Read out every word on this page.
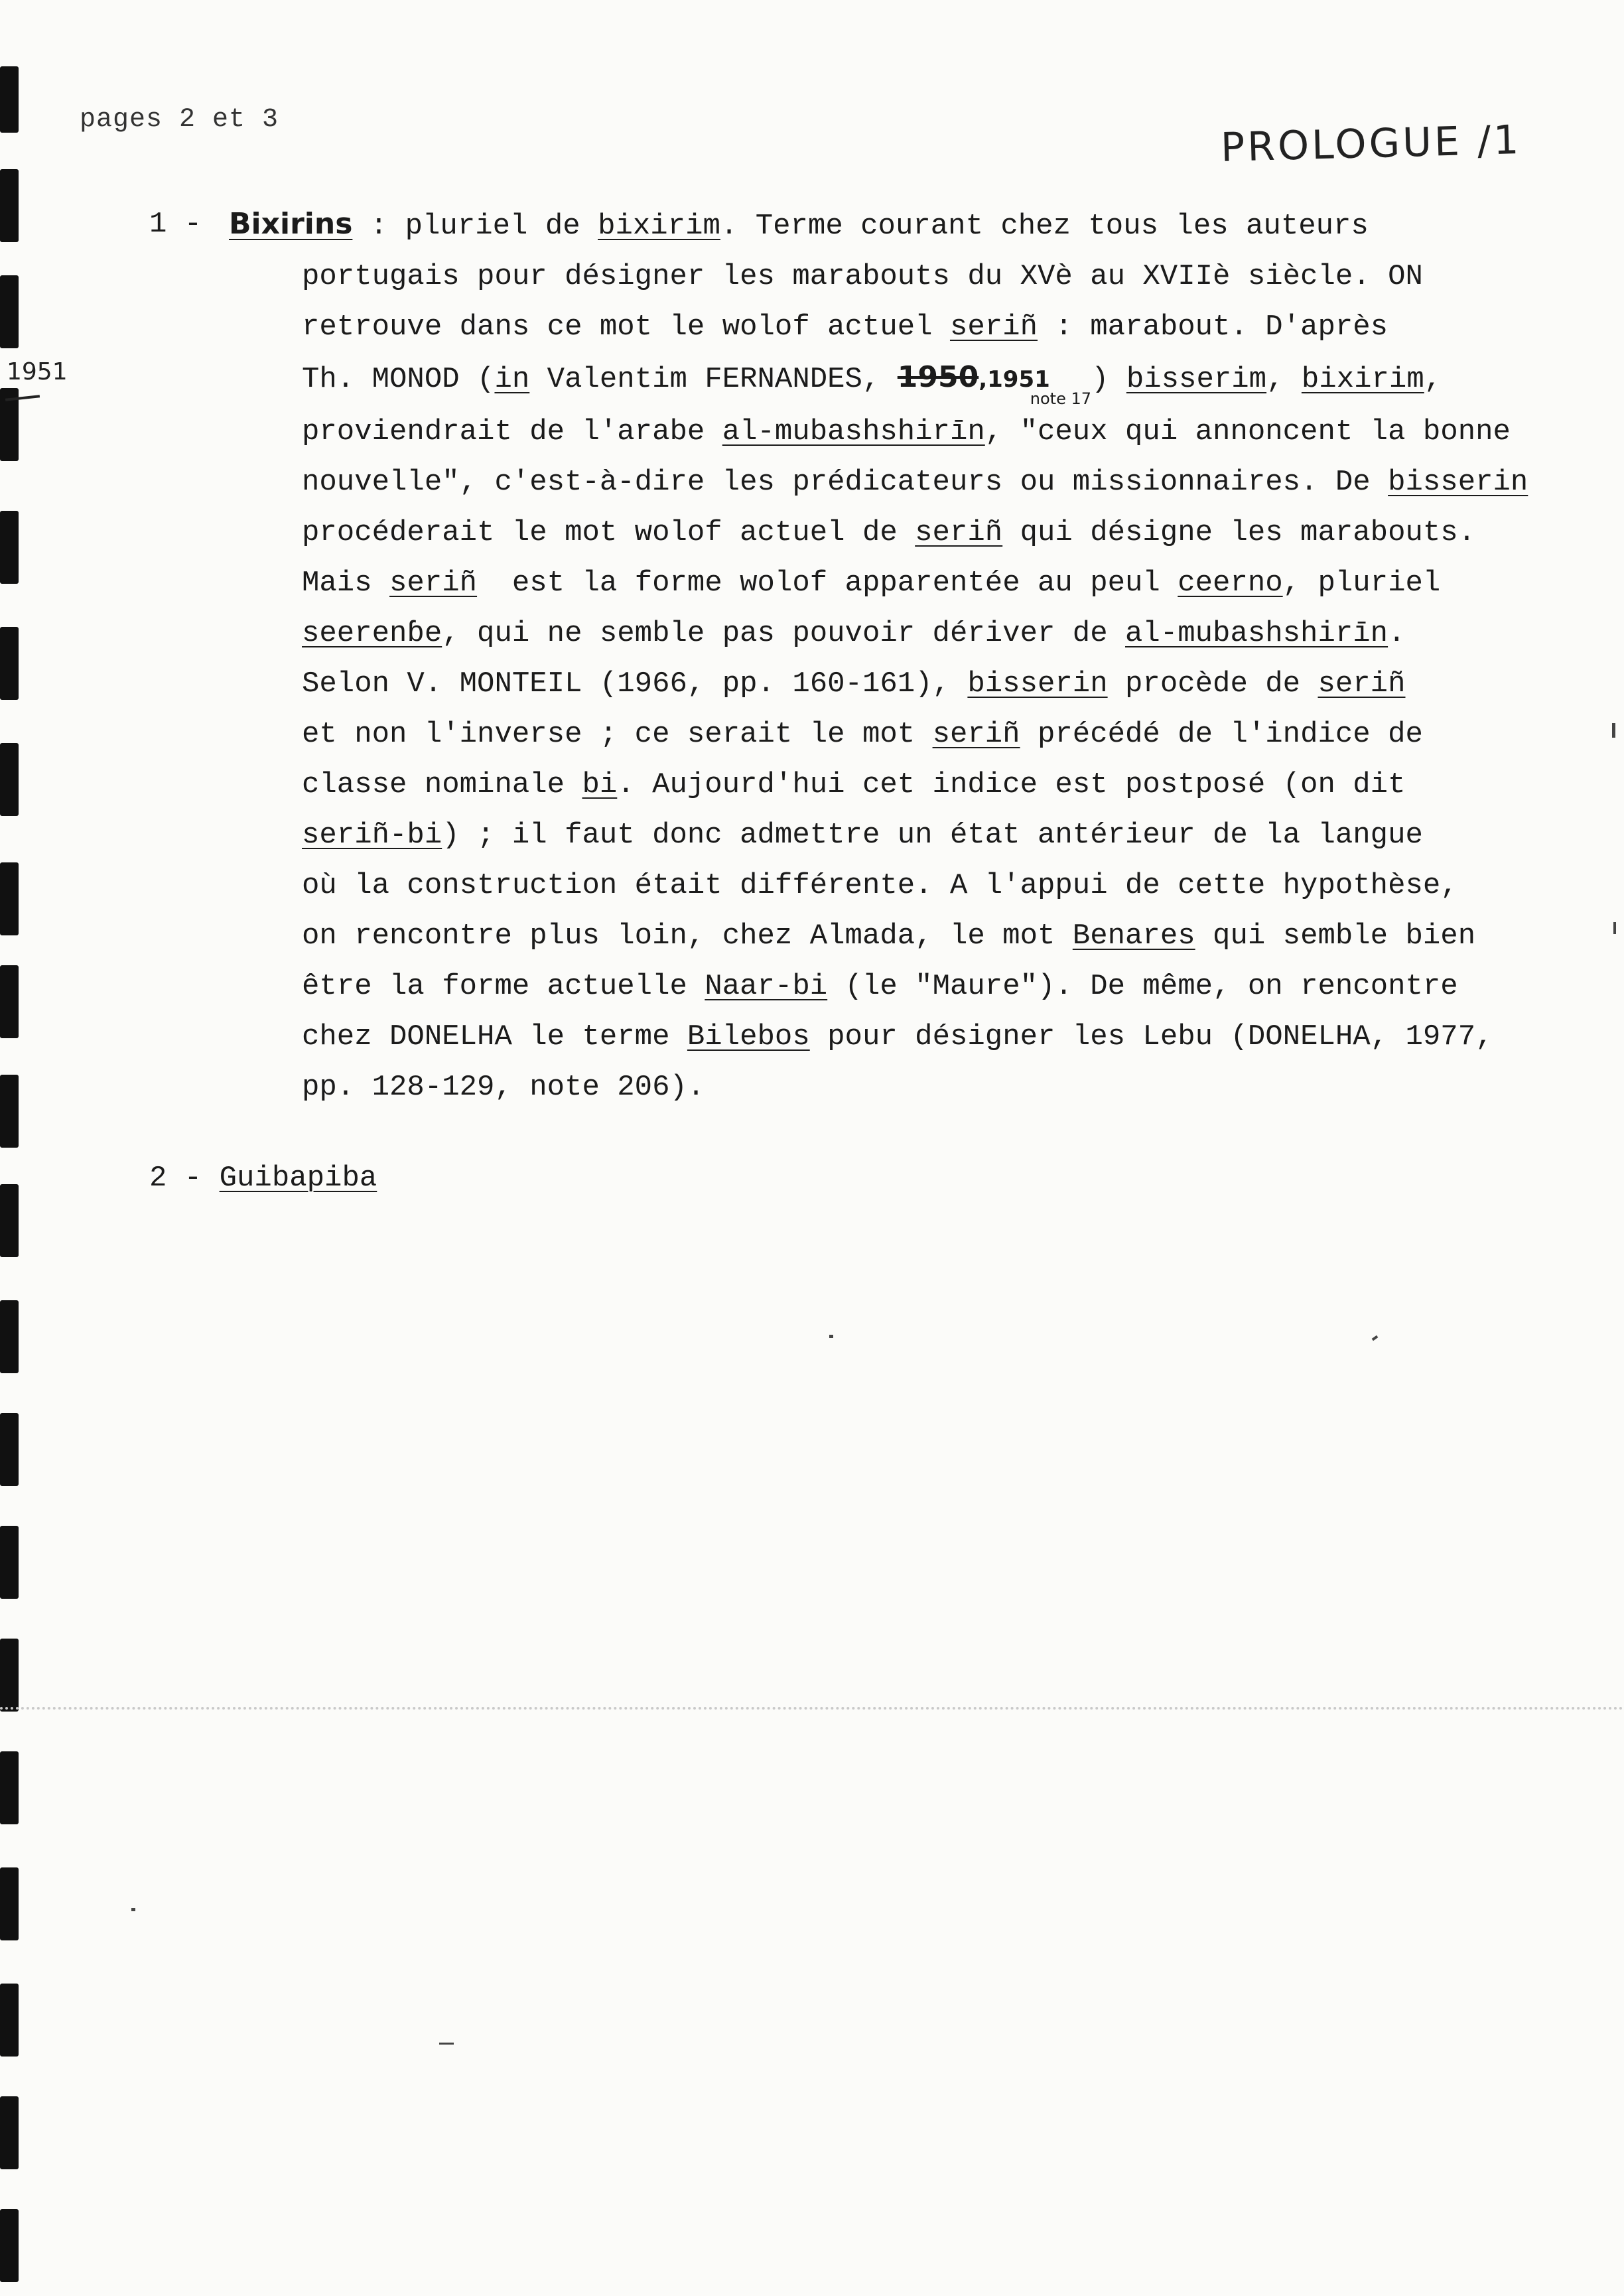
pages 2 et 3	PROLOGUE /1
1951
1 - Bixirins : pluriel de bixirim. Terme courant chez tous les auteurs
portugais pour désigner les marabouts du XVè au XVIIè siècle. ON
retrouve dans ce mot le wolof actuel seriñ : marabout. D'après
Th. MONOD (in Valentim FERNANDES, $1950,1951_{note 17}$) bisserim, bixirim,
proviendrait de l'arabe al-mubashshirīn, "ceux qui annoncent la bonne
nouvelle", c'est-à-dire les prédicateurs ou missionnaires. De bisserin
procéderait le mot wolof actuel de seriñ qui désigne les marabouts.
Mais seriñ  est la forme wolof apparentée au peul ceerno, pluriel
seerenɓe, qui ne semble pas pouvoir dériver de al-mubashshirīn.
Selon V. MONTEIL (1966, pp. 160-161), bisserin procède de seriñ
et non l'inverse ; ce serait le mot seriñ précédé de l'indice de
classe nominale bi. Aujourd'hui cet indice est postposé (on dit
seriñ-bi) ; il faut donc admettre un état antérieur de la langue
où la construction était différente. A l'appui de cette hypothèse,
on rencontre plus loin, chez Almada, le mot Benares qui semble bien
être la forme actuelle Naar-bi (le "Maure"). De même, on rencontre
chez DONELHA le terme Bilebos pour désigner les Lebu (DONELHA, 1977,
pp. 128-129, note 206).
2 - Guibapiba
